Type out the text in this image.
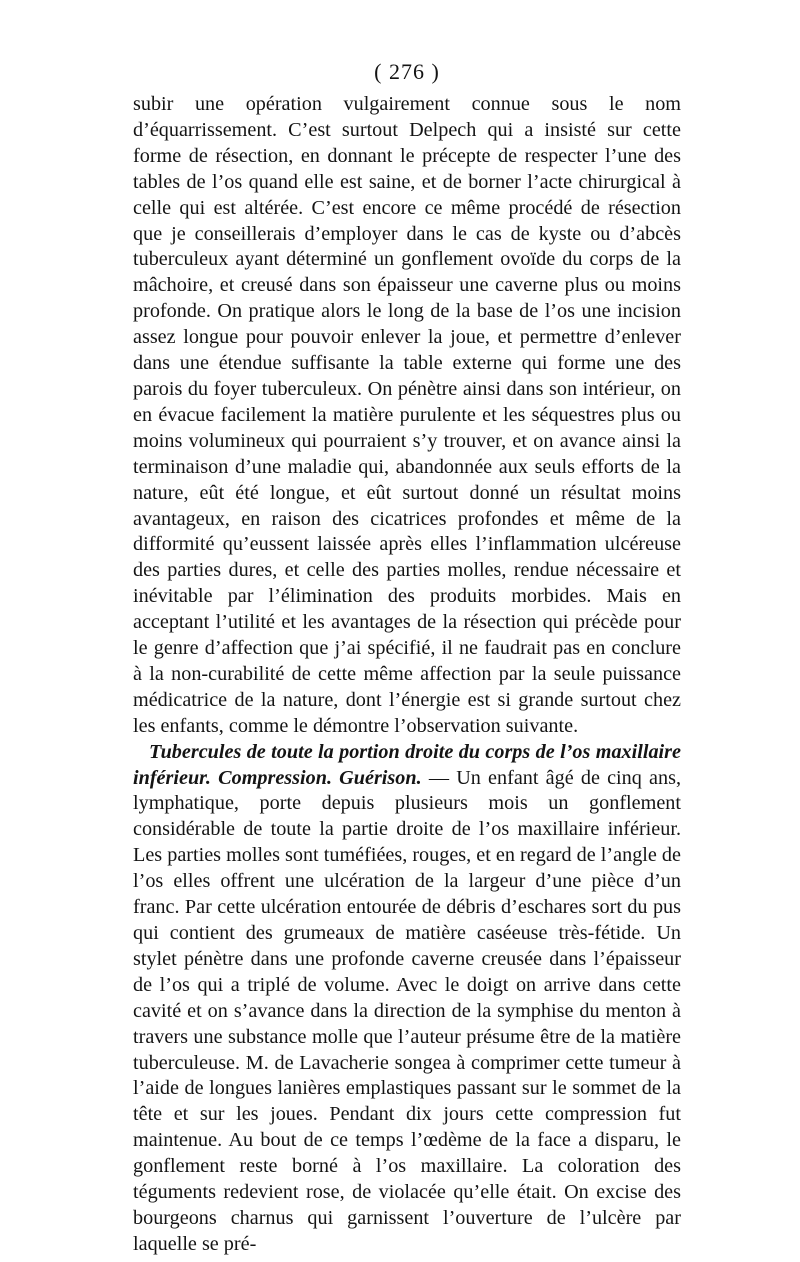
( 276 )

subir une opération vulgairement connue sous le nom d’équarrissement. C’est surtout Delpech qui a insisté sur cette forme de résection, en donnant le précepte de respecter l’une des tables de l’os quand elle est saine, et de borner l’acte chirurgical à celle qui est altérée. C’est encore ce même procédé de résection que je conseillerais d’employer dans le cas de kyste ou d’abcès tuberculeux ayant déterminé un gonflement ovoïde du corps de la mâchoire, et creusé dans son épaisseur une caverne plus ou moins profonde. On pratique alors le long de la base de l’os une incision assez longue pour pouvoir enlever la joue, et permettre d’enlever dans une étendue suffisante la table externe qui forme une des parois du foyer tuberculeux. On pénètre ainsi dans son intérieur, on en évacue facilement la matière purulente et les séquestres plus ou moins volumineux qui pourraient s’y trouver, et on avance ainsi la terminaison d’une maladie qui, abandonnée aux seuls efforts de la nature, eût été longue, et eût surtout donné un résultat moins avantageux, en raison des cicatrices profondes et même de la difformité qu’eussent laissée après elles l’inflammation ulcéreuse des parties dures, et celle des parties molles, rendue nécessaire et inévitable par l’élimination des produits morbides. Mais en acceptant l’utilité et les avantages de la résection qui précède pour le genre d’affection que j’ai spécifié, il ne faudrait pas en conclure à la non-curabilité de cette même affection par la seule puissance médicatrice de la nature, dont l’énergie est si grande surtout chez les enfants, comme le démontre l’observation suivante.

Tubercules de toute la portion droite du corps de l’os maxillaire inférieur. Compression. Guérison. — Un enfant âgé de cinq ans, lymphatique, porte depuis plusieurs mois un gonflement considérable de toute la partie droite de l’os maxillaire inférieur. Les parties molles sont tuméfiées, rouges, et en regard de l’angle de l’os elles offrent une ulcération de la largeur d’une pièce d’un franc. Par cette ulcération entourée de débris d’eschares sort du pus qui contient des grumeaux de matière caséeuse très-fétide. Un stylet pénètre dans une profonde caverne creusée dans l’épaisseur de l’os qui a triplé de volume. Avec le doigt on arrive dans cette cavité et on s’avance dans la direction de la symphise du menton à travers une substance molle que l’auteur présume être de la matière tuberculeuse. M. de Lavacherie songea à comprimer cette tumeur à l’aide de longues lanières emplastiques passant sur le sommet de la tête et sur les joues. Pendant dix jours cette compression fut maintenue. Au bout de ce temps l’œdème de la face a disparu, le gonflement reste borné à l’os maxillaire. La coloration des téguments redevient rose, de violacée qu’elle était. On excise des bourgeons charnus qui garnissent l’ouverture de l’ulcère par laquelle se pré-
